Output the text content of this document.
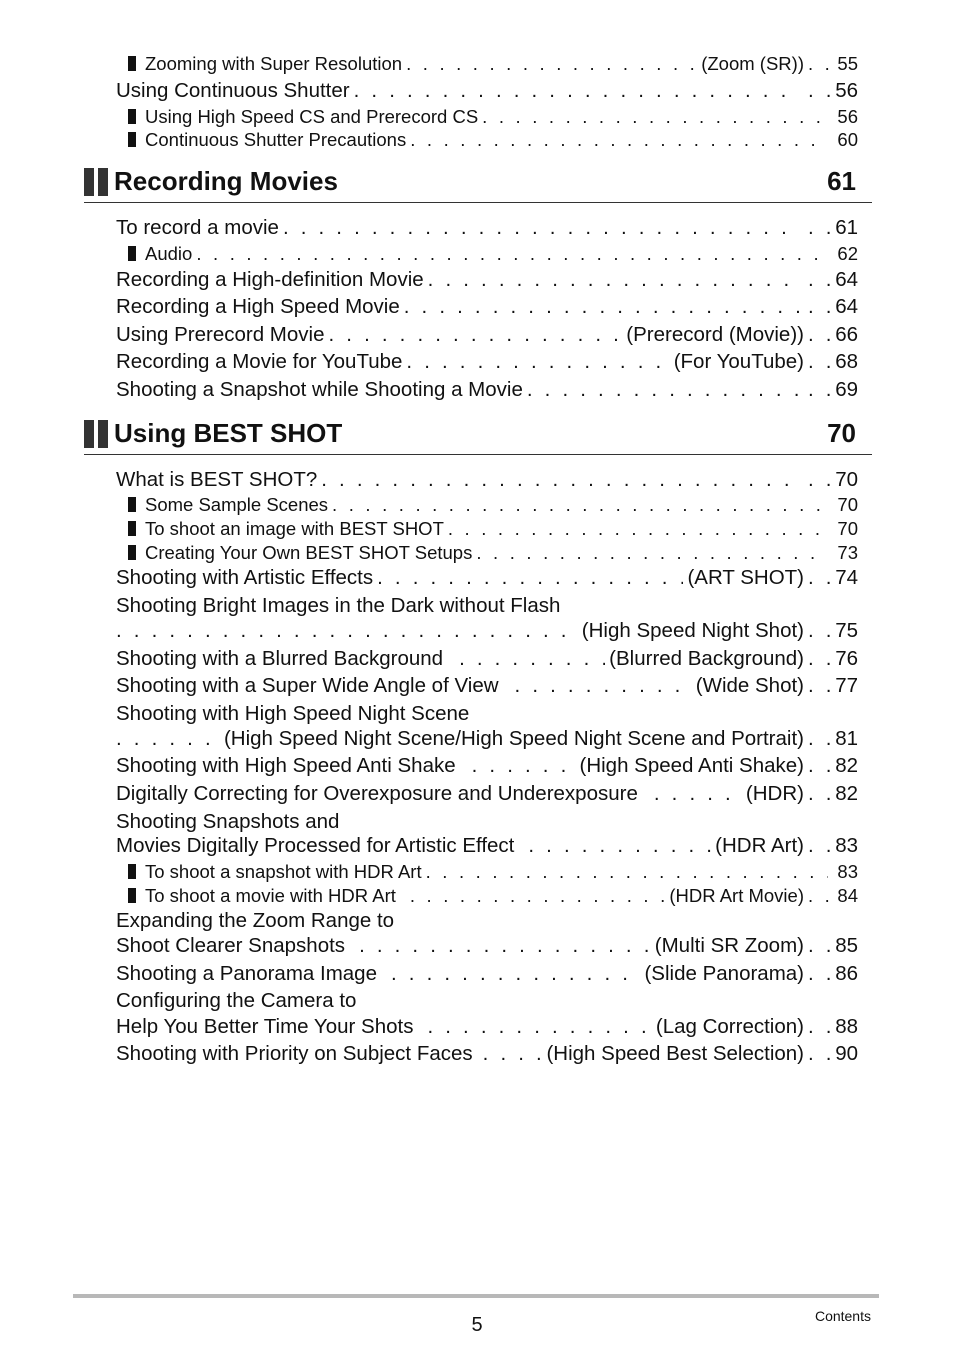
Zooming with Super Resolution . . .	(Zoom (SR)) . . . 55
Using Continuous Shutter . . . . . .	56
Using High Speed CS and Prerecord CS . . .	56
Continuous Shutter Precautions . . .	60
Recording Movies	61
To record a movie . . . . . .	61
Audio . . .	62
Recording a High-definition Movie . . . . . .	64
Recording a High Speed Movie . . . . . .	64
Using Prerecord Movie . . .	(Prerecord (Movie)) . . . 66
Recording a Movie for YouTube . . .	(For YouTube) . . . 68
Shooting a Snapshot while Shooting a Movie . . . . . .	69
Using BEST SHOT	70
What is BEST SHOT? . . . . . .	70
Some Sample Scenes . . .	70
To shoot an image with BEST SHOT . . .	70
Creating Your Own BEST SHOT Setups . . .	73
Shooting with Artistic Effects . . .	(ART SHOT) . . . 74
Shooting Bright Images in the Dark without Flash
. . .
(High Speed Night Shot) . . . 75
Shooting with a Blurred Background . . .	(Blurred Background) . . . 76
Shooting with a Super Wide Angle of View . . .	(Wide Shot) . . . 77
Shooting with High Speed Night Scene
. . .
(High Speed Night Scene/High Speed Night Scene and Portrait) . . . 81
Shooting with High Speed Anti Shake . . .	(High Speed Anti Shake) . . . 82
Digitally Correcting for Overexposure and Underexposure . . .	(HDR) . . . 82
Shooting Snapshots and
Movies Digitally Processed for Artistic Effect . . .	(HDR Art) . . . 83
To shoot a snapshot with HDR Art . . .	83
To shoot a movie with HDR Art . . .	(HDR Art Movie) . . . 84
Expanding the Zoom Range to
Shoot Clearer Snapshots . . .	(Multi SR Zoom) . . . 85
Shooting a Panorama Image . . .	(Slide Panorama) . . . 86
Configuring the Camera to
Help You Better Time Your Shots . . .	(Lag Correction) . . . 88
Shooting with Priority on Subject Faces . . .	(High Speed Best Selection) . . . 90
5	Contents
